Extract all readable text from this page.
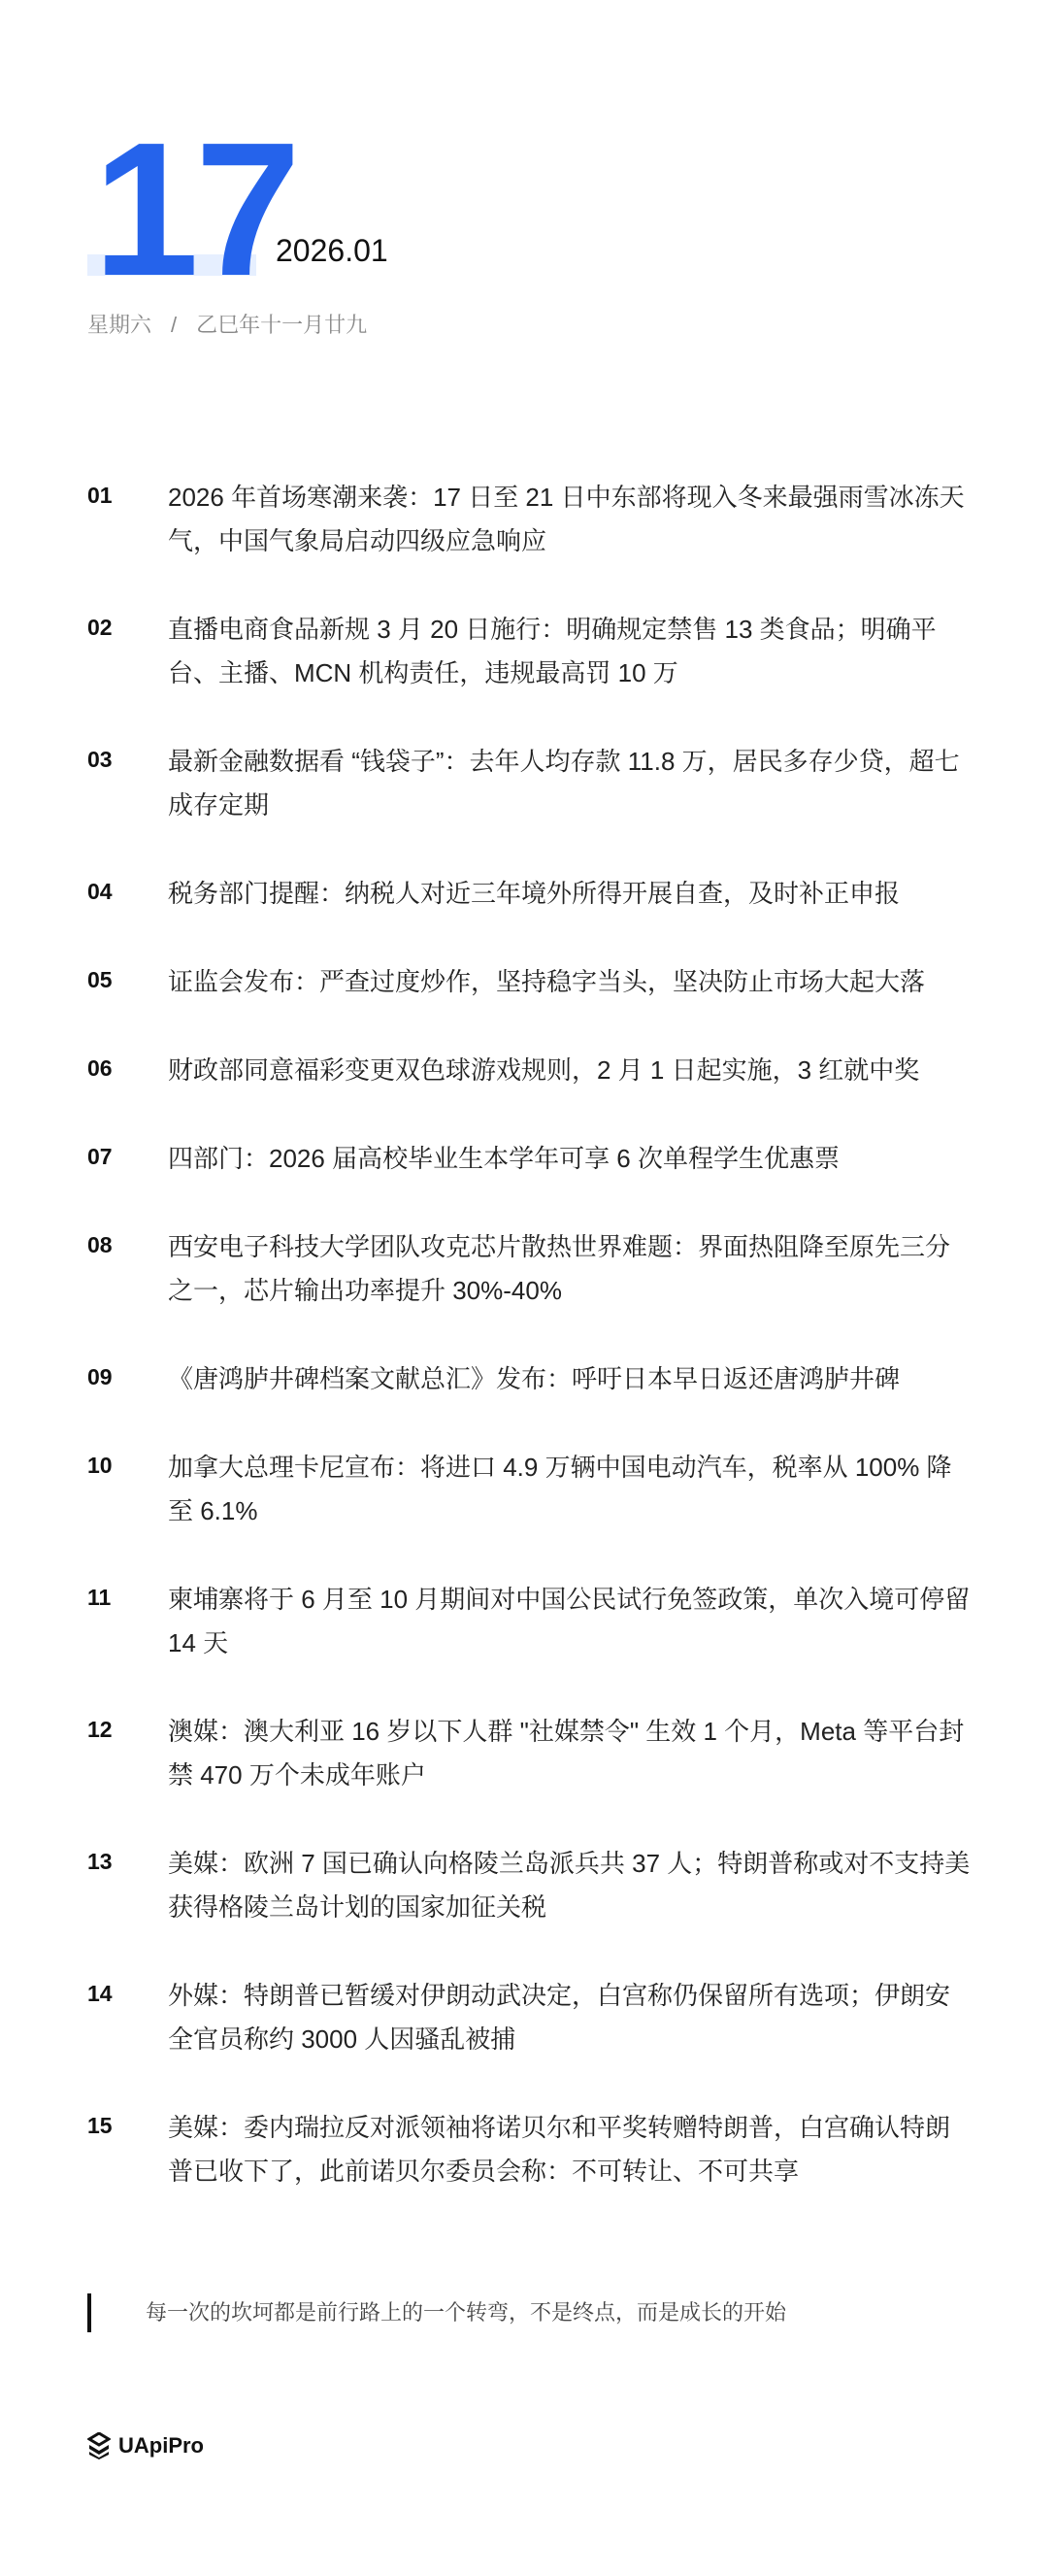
17
2026.01
星期六 / 乙巳年十一月廿九
01	2026 年首场寒潮来袭：17 日至 21 日中东部将现入冬来最强雨雪冰冻天气，中国气象局启动四级应急响应
02	直播电商食品新规 3 月 20 日施行：明确规定禁售 13 类食品；明确平台、主播、MCN 机构责任，违规最高罚 10 万
03	最新金融数据看 “钱袋子”：去年人均存款 11.8 万，居民多存少贷，超七成存定期
04	税务部门提醒：纳税人对近三年境外所得开展自查，及时补正申报
05	证监会发布：严查过度炒作，坚持稳字当头，坚决防止市场大起大落
06	财政部同意福彩变更双色球游戏规则，2 月 1 日起实施，3 红就中奖
07	四部门：2026 届高校毕业生本学年可享 6 次单程学生优惠票
08	西安电子科技大学团队攻克芯片散热世界难题：界面热阻降至原先三分之一，芯片输出功率提升 30%-40%
09	《唐鸿胪井碑档案文献总汇》发布：呼吁日本早日返还唐鸿胪井碑
10	加拿大总理卡尼宣布：将进口 4.9 万辆中国电动汽车，税率从 100% 降至 6.1%
11	柬埔寨将于 6 月至 10 月期间对中国公民试行免签政策，单次入境可停留 14 天
12	澳媒：澳大利亚 16 岁以下人群 "社媒禁令" 生效 1 个月，Meta 等平台封禁 470 万个未成年账户
13	美媒：欧洲 7 国已确认向格陵兰岛派兵共 37 人；特朗普称或对不支持美获得格陵兰岛计划的国家加征关税
14	外媒：特朗普已暂缓对伊朗动武决定，白宫称仍保留所有选项；伊朗安全官员称约 3000 人因骚乱被捕
15	美媒：委内瑞拉反对派领袖将诺贝尔和平奖转赠特朗普，白宫确认特朗普已收下了，此前诺贝尔委员会称：不可转让、不可共享
每一次的坎坷都是前行路上的一个转弯，不是终点，而是成长的开始
UApiPro
